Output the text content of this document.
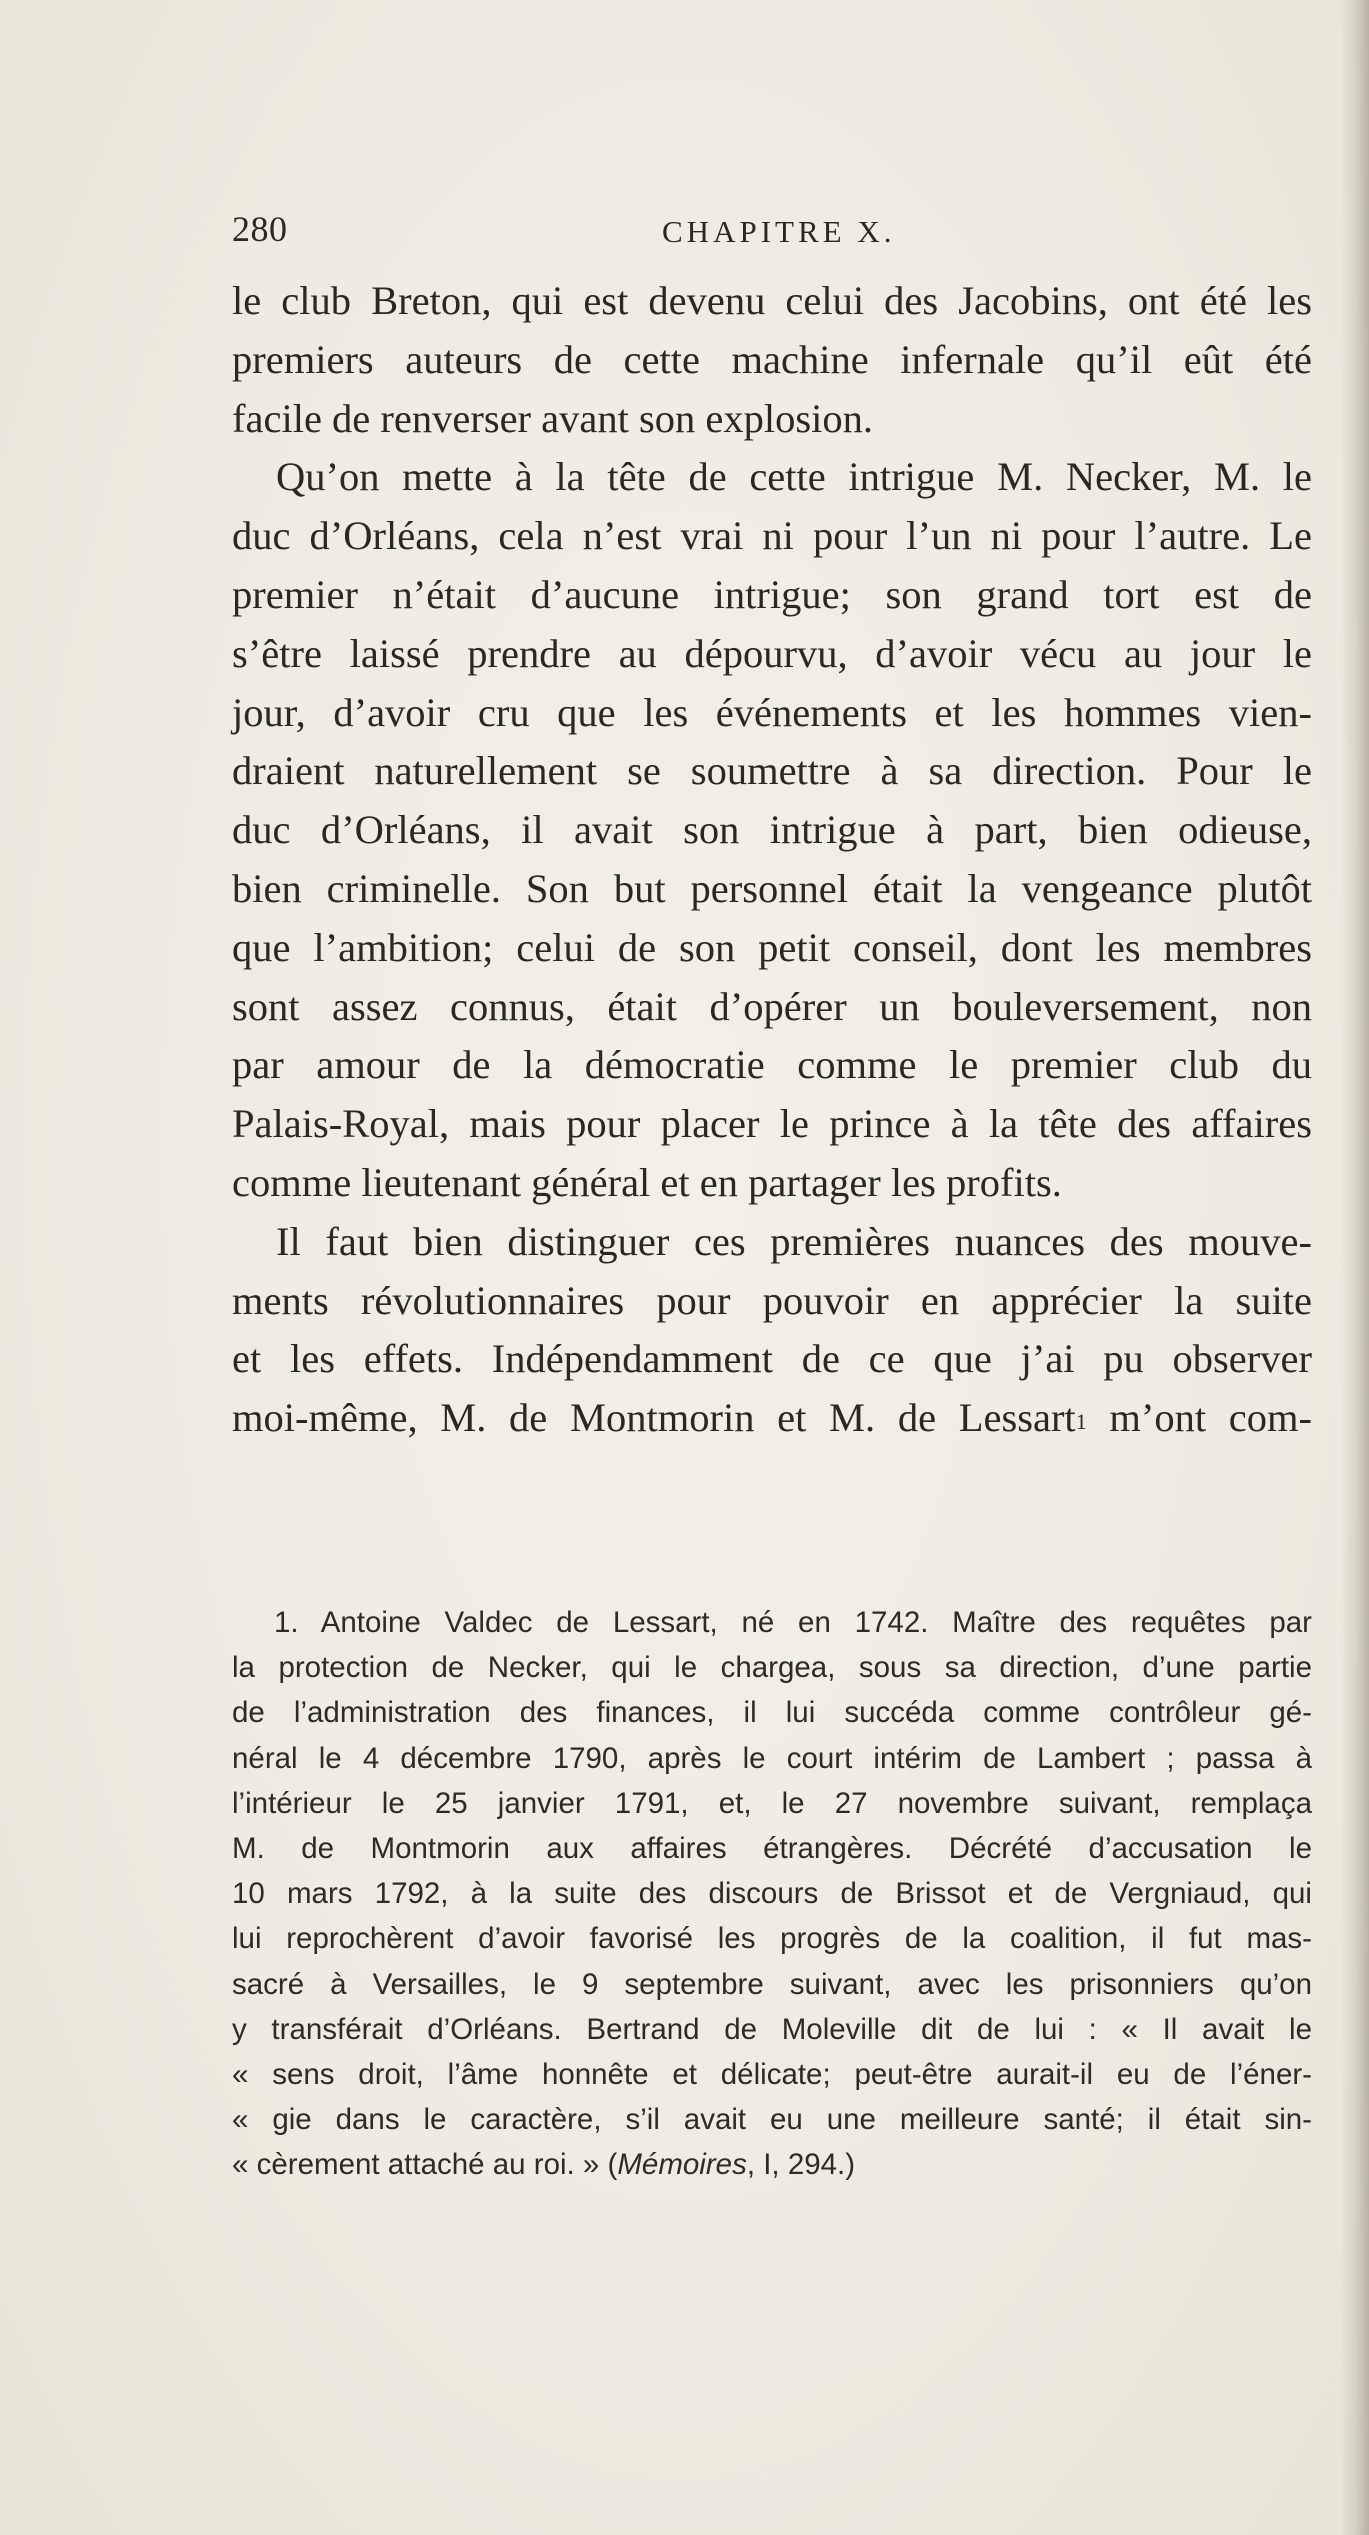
280	CHAPITRE X.
le club Breton, qui est devenu celui des Jacobins, ont été les
premiers auteurs de cette machine infernale qu’il eût été
facile de renverser avant son explosion.
Qu’on mette à la tête de cette intrigue M. Necker, M. le
duc d’Orléans, cela n’est vrai ni pour l’un ni pour l’autre. Le
premier n’était d’aucune intrigue; son grand tort est de
s’être laissé prendre au dépourvu, d’avoir vécu au jour le
jour, d’avoir cru que les événements et les hommes vien-
draient naturellement se soumettre à sa direction. Pour le
duc d’Orléans, il avait son intrigue à part, bien odieuse,
bien criminelle. Son but personnel était la vengeance plutôt
que l’ambition; celui de son petit conseil, dont les membres
sont assez connus, était d’opérer un bouleversement, non
par amour de la démocratie comme le premier club du
Palais-Royal, mais pour placer le prince à la tête des affaires
comme lieutenant général et en partager les profits.
Il faut bien distinguer ces premières nuances des mouve-
ments révolutionnaires pour pouvoir en apprécier la suite
et les effets. Indépendamment de ce que j’ai pu observer
moi-même, M. de Montmorin et M. de Lessart$^1$ m’ont com-
1. Antoine Valdec de Lessart, né en 1742. Maître des requêtes par
la protection de Necker, qui le chargea, sous sa direction, d’une partie
de l’administration des finances, il lui succéda comme contrôleur gé-
néral le 4 décembre 1790, après le court intérim de Lambert ; passa à
l’intérieur le 25 janvier 1791, et, le 27 novembre suivant, remplaça
M. de Montmorin aux affaires étrangères. Décrété d’accusation le
10 mars 1792, à la suite des discours de Brissot et de Vergniaud, qui
lui reprochèrent d’avoir favorisé les progrès de la coalition, il fut mas-
sacré à Versailles, le 9 septembre suivant, avec les prisonniers qu’on
y transférait d’Orléans. Bertrand de Moleville dit de lui : « Il avait le
« sens droit, l’âme honnête et délicate; peut-être aurait-il eu de l’éner-
« gie dans le caractère, s’il avait eu une meilleure santé; il était sin-
« cèrement attaché au roi. » (Mémoires, I, 294.)
